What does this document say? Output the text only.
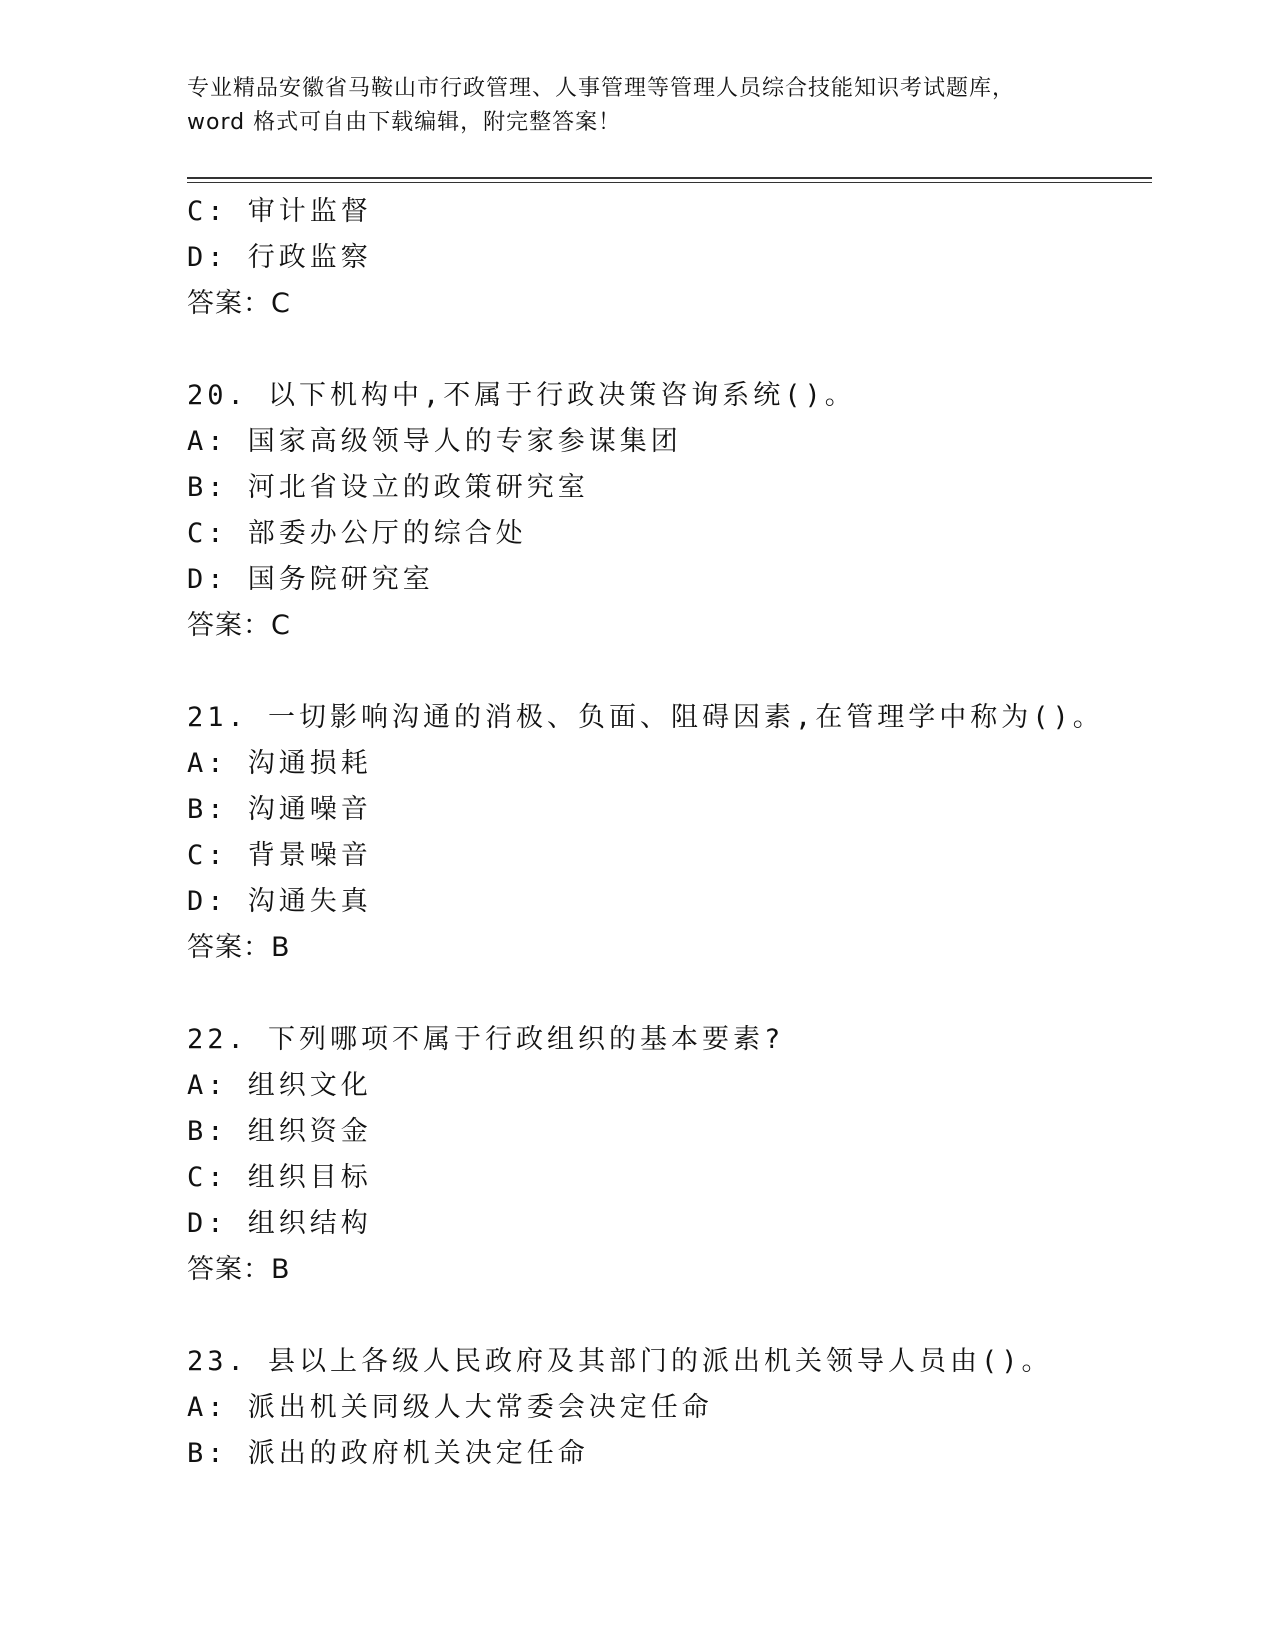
专业精品安徽省马鞍山市行政管理、人事管理等管理人员综合技能知识考试题库，
word 格式可自由下载编辑，附完整答案！
C: 审计监督
D: 行政监察
答案：C
20. 以下机构中,不属于行政决策咨询系统()。
A: 国家高级领导人的专家参谋集团
B: 河北省设立的政策研究室
C: 部委办公厅的综合处
D: 国务院研究室
答案：C
21. 一切影响沟通的消极、负面、阻碍因素,在管理学中称为()。
A: 沟通损耗
B: 沟通噪音
C: 背景噪音
D: 沟通失真
答案：B
22. 下列哪项不属于行政组织的基本要素?
A: 组织文化
B: 组织资金
C: 组织目标
D: 组织结构
答案：B
23. 县以上各级人民政府及其部门的派出机关领导人员由()。
A: 派出机关同级人大常委会决定任命
B: 派出的政府机关决定任命
